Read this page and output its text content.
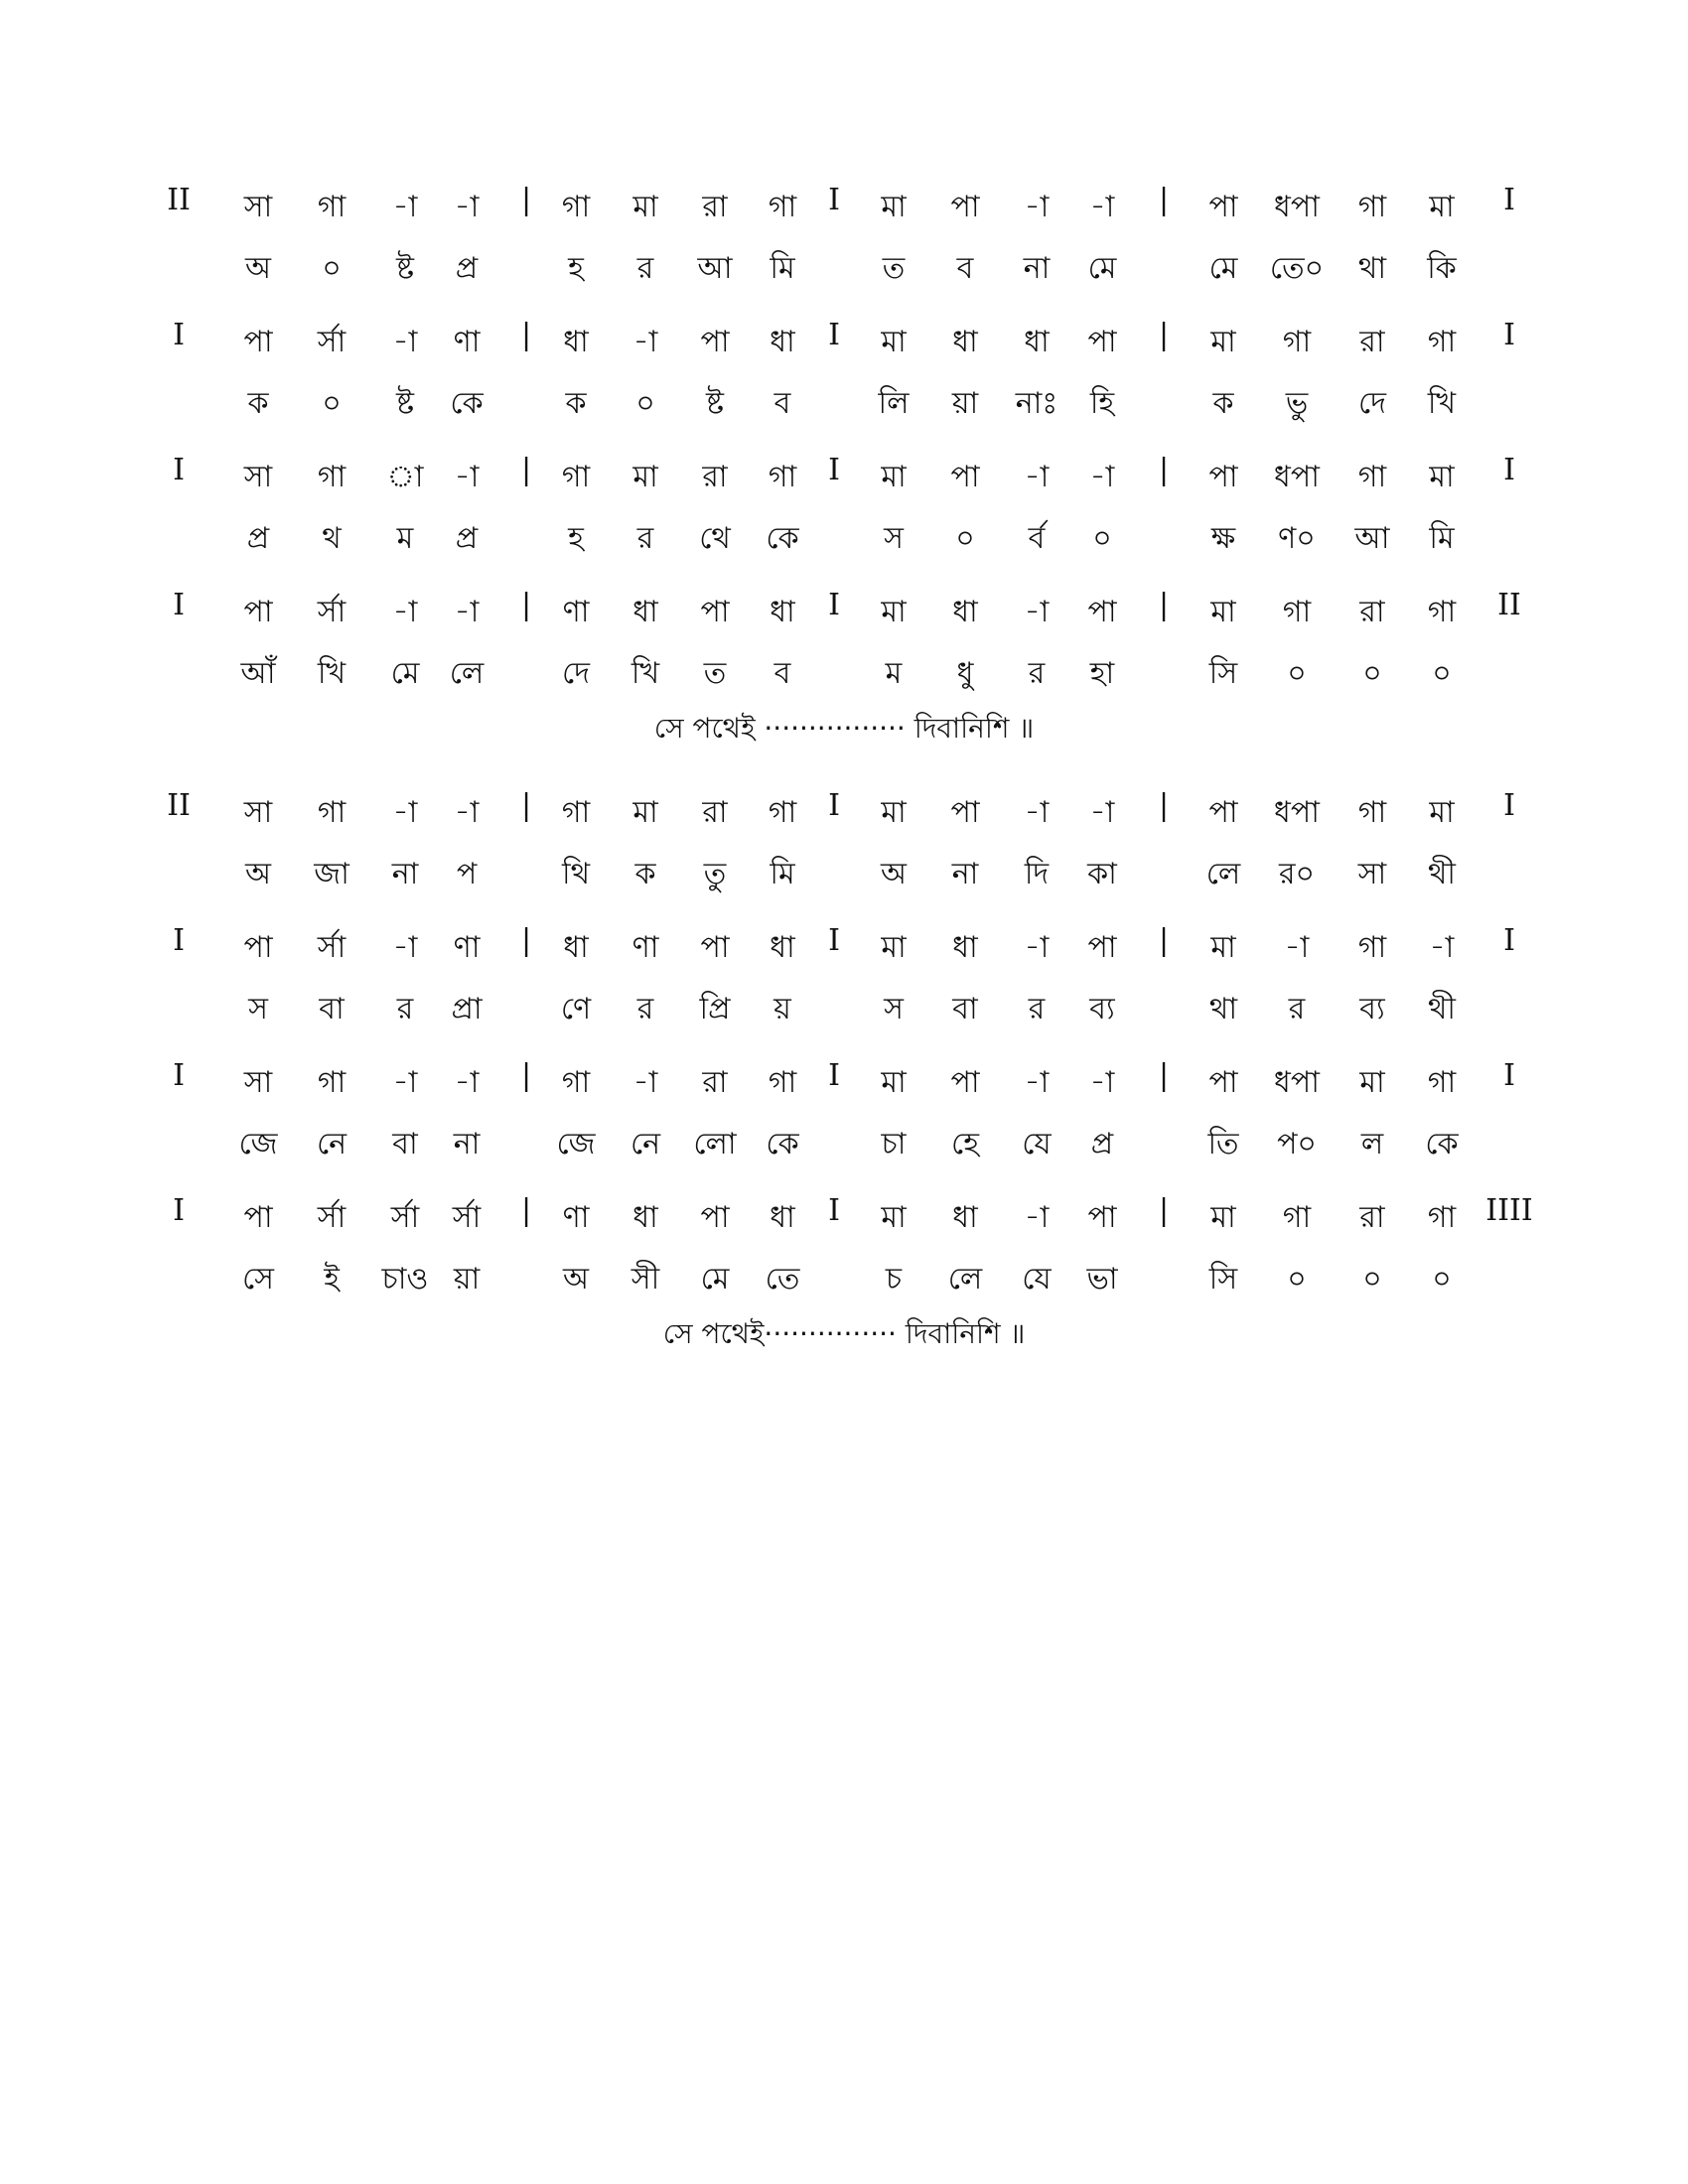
II সা গা -া -া | গা মা রা গা I মা পা -া -া | পা ধপা গা মা I
অ ০ ষ্ট প্র	হ র আ মি	ত ব না মে	মে তে০ থা কি
I পা র্সা -া ণা | ধা -া পা ধা I মা ধা ধা পা | মা গা রা গা I
ক ০ ষ্ট কে	ক ০ ষ্ট ব	লি য়া নাঃ হি	ক ভু দে খি
I সা গা া -া | গা মা রা গা I মা পা -া -া | পা ধপা গা মা I
প্র থ ম প্র	হ র থে কে	স ০ র্ব ০	ক্ষ ণ০ আ মি
I পা র্সা -া -া | ণা ধা পা ধা I মা ধা -া পা | মা গা রা গা II
আঁ খি মে লে	দে খি ত ব	ম ধু র হা	সি ০ ০ ০
সে পথেই ················ দিবানিশি ॥
II সা গা -া -া | গা মা রা গা I মা পা -া -া | পা ধপা গা মা I
অ জা না প	থি ক তু মি	অ না দি কা	লে র০ সা থী
I পা র্সা -া ণা | ধা ণা পা ধা I মা ধা -া পা | মা -া গা -া I
স বা র প্রা	ণে র প্রি য়	স বা র ব্য	থা র ব্য থী
I সা গা -া -া | গা -া রা গা I মা পা -া -া | পা ধপা মা গা I
জে নে বা না	জে নে লো কে	চা হে যে প্র	তি প০ ল কে
I পা র্সা র্সা র্সা | ণা ধা পা ধা I মা ধা -া পা | মা গা রা গা IIII
সে ই চাও য়া	অ সী মে তে	চ লে যে ভা	সি ০ ০ ০
সে পথেই··············· দিবানিশি ॥
